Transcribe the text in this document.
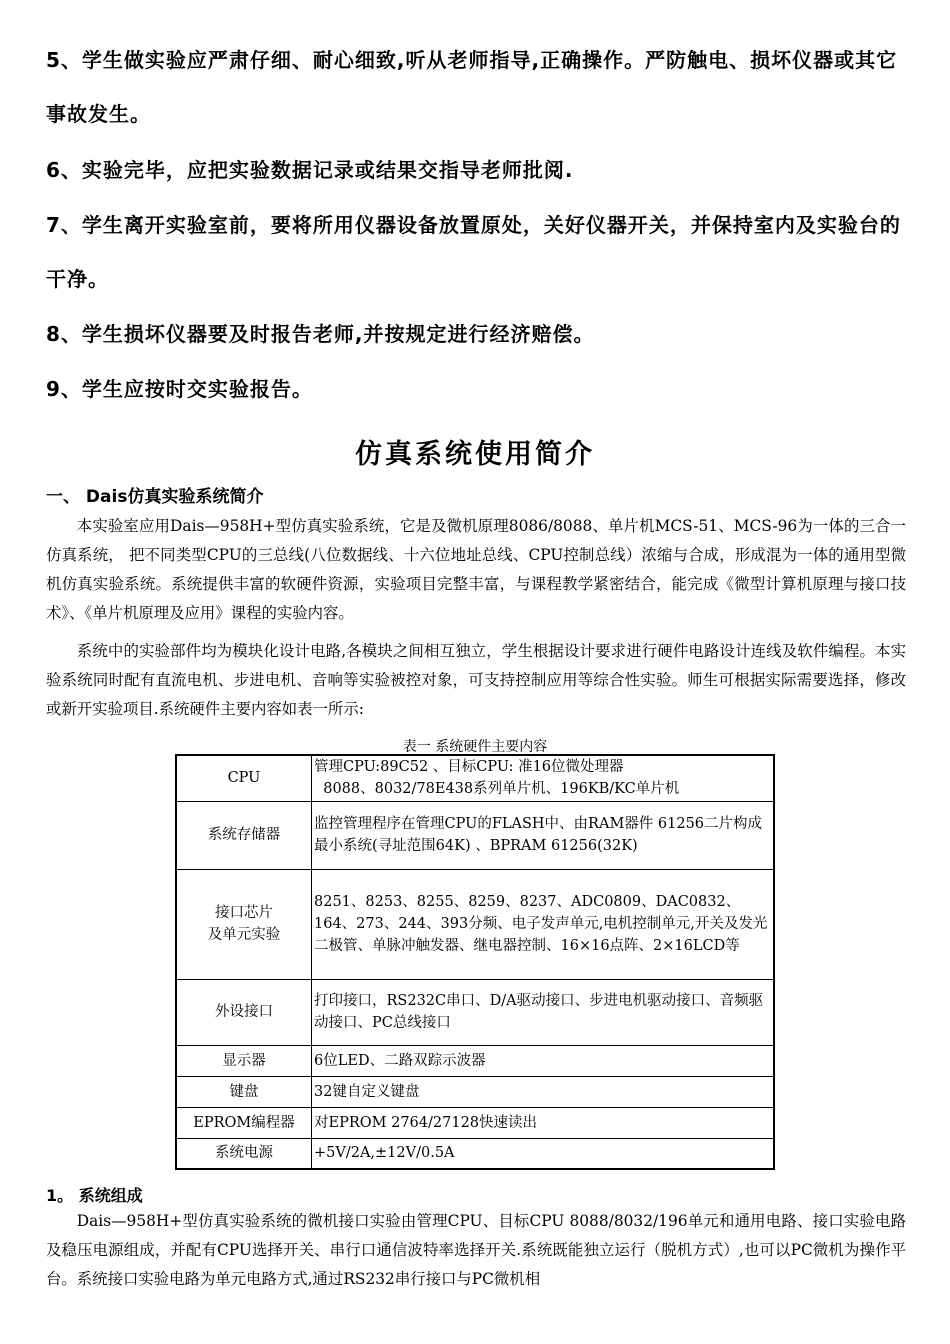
5、学生做实验应严肃仔细、耐心细致,听从老师指导,正确操作。严防触电、损坏仪器或其它事故发生。

6、实验完毕，应把实验数据记录或结果交指导老师批阅.

7、学生离开实验室前，要将所用仪器设备放置原处，关好仪器开关，并保持室内及实验台的干净。

8、学生损坏仪器要及时报告老师,并按规定进行经济赔偿。

9、学生应按时交实验报告。

仿真系统使用简介
一、 Dais仿真实验系统简介

本实验室应用Dais—958H+型仿真实验系统，它是及微机原理8086/8088、单片机MCS-51、MCS-96为一体的三合一仿真系统， 把不同类型CPU的三总线(八位数据线、十六位地址总线、CPU控制总线）浓缩与合成，形成混为一体的通用型微机仿真实验系统。系统提供丰富的软硬件资源，实验项目完整丰富，与课程教学紧密结合，能完成《微型计算机原理与接口技术》、《单片机原理及应用》课程的实验内容。

系统中的实验部件均为模块化设计电路,各模块之间相互独立，学生根据设计要求进行硬件电路设计连线及软件编程。本实验系统同时配有直流电机、步进电机、音响等实验被控对象，可支持控制应用等综合性实验。师生可根据实际需要选择，修改或新开实验项目.系统硬件主要内容如表一所示:

表一 系统硬件主要内容

CPU	管理CPU:89C52 、目标CPU: 准16位微处理器
8088、8032/78E438系列单片机、196KB/KC单片机
系统存储器	监控管理程序在管理CPU的FLASH中、由RAM器件 61256二片构成最小系统(寻址范围64K) 、BPRAM 61256(32K)
接口芯片
及单元实验	8251、8253、8255、8259、8237、ADC0809、DAC0832、164、273、244、393分频、电子发声单元,电机控制单元,开关及发光二极管、单脉冲触发器、继电器控制、16×16点阵、2×16LCD等
外设接口	打印接口，RS232C串口、D/A驱动接口、步进电机驱动接口、音频驱动接口、PC总线接口
显示器	6位LED、二路双踪示波器
键盘	32键自定义键盘
EPROM编程器	对EPROM 2764/27128快速读出
系统电源	+5V/2A,±12V/0.5A
1。 系统组成

Dais—958H+型仿真实验系统的微机接口实验由管理CPU、目标CPU 8088/8032/196单元和通用电路、接口实验电路及稳压电源组成，并配有CPU选择开关、串行口通信波特率选择开关.系统既能独立运行（脱机方式）,也可以PC微机为操作平台。系统接口实验电路为单元电路方式,通过RS232串行接口与PC微机相
